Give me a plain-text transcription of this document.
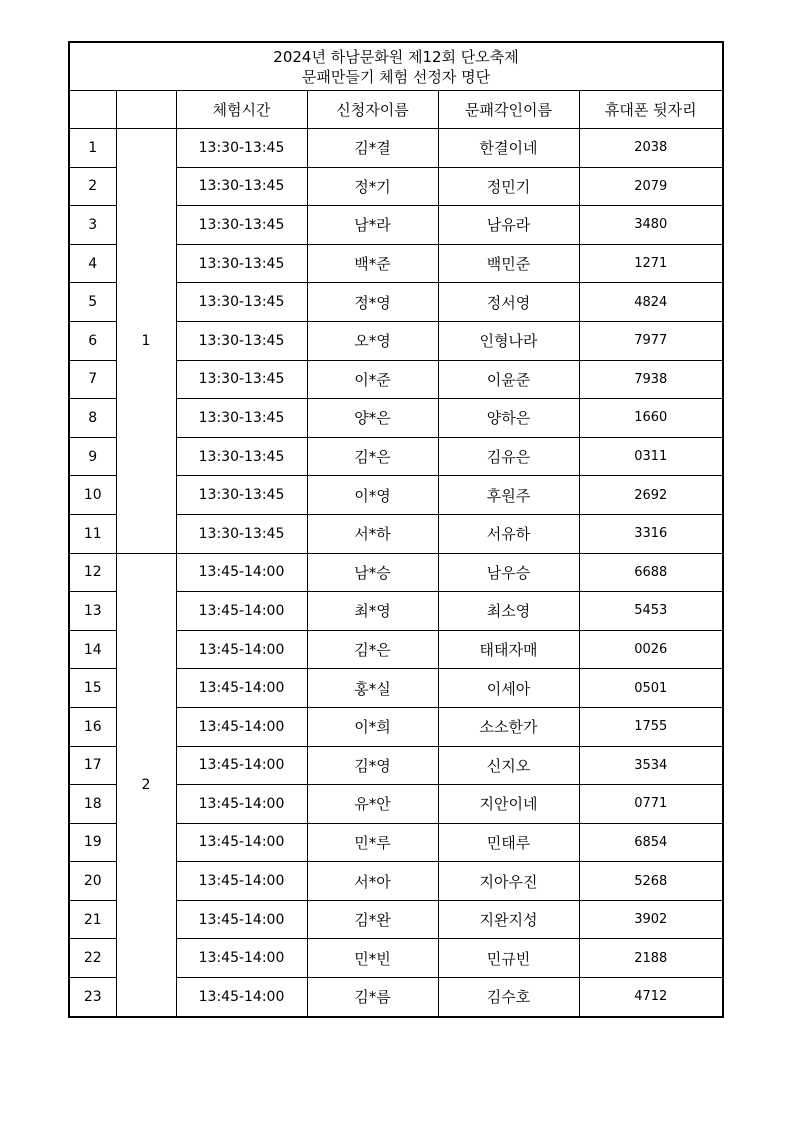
2024년 하남문화원 제12회 단오축제
문패만들기 체험 선정자 명단					

		체험시간	신청자이름	문패각인이름	휴대폰 뒷자리
1	1	13:30-13:45	김*결	한결이네	2038
2		13:30-13:45	정*기	정민기	2079
3		13:30-13:45	남*라	남유라	3480
4		13:30-13:45	백*준	백민준	1271
5		13:30-13:45	정*영	정서영	4824
6		13:30-13:45	오*영	인형나라	7977
7		13:30-13:45	이*준	이윤준	7938
8		13:30-13:45	양*은	양하은	1660
9		13:30-13:45	김*은	김유은	0311
10		13:30-13:45	이*영	후원주	2692
11		13:30-13:45	서*하	서유하	3316
12	2	13:45-14:00	남*승	남우승	6688
13		13:45-14:00	최*영	최소영	5453
14		13:45-14:00	김*은	태태자매	0026
15		13:45-14:00	홍*실	이세아	0501
16		13:45-14:00	이*희	소소한가	1755
17		13:45-14:00	김*영	신지오	3534
18		13:45-14:00	유*안	지안이네	0771
19		13:45-14:00	민*루	민태루	6854
20		13:45-14:00	서*아	지아우진	5268
21		13:45-14:00	김*완	지완지성	3902
22		13:45-14:00	민*빈	민규빈	2188
23		13:45-14:00	김*름	김수호	4712
